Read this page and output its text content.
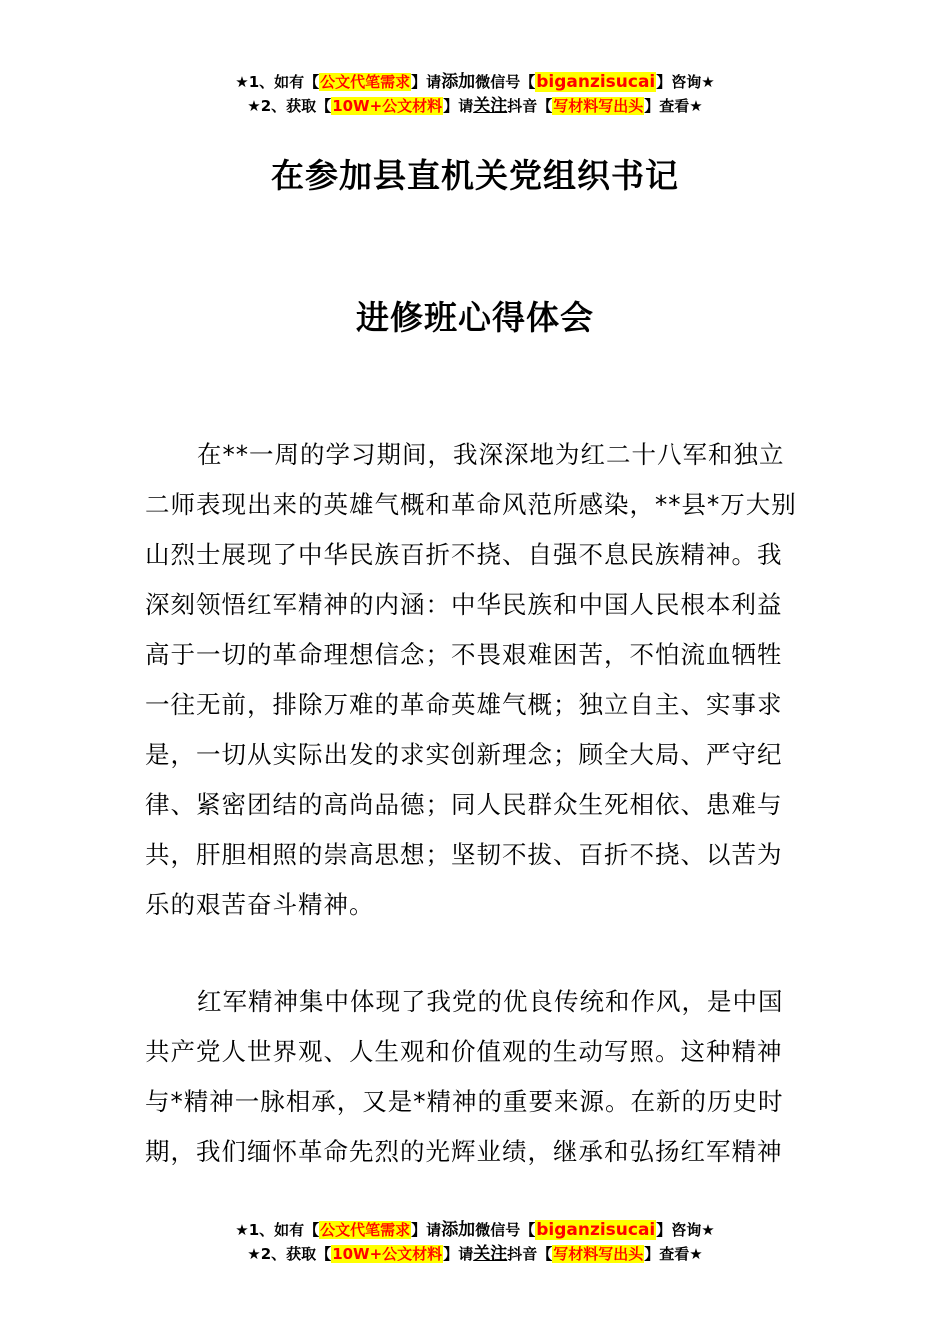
★1、如有【公文代笔需求】请添加微信号【biganzisucai】咨询★
★2、获取【10W+公文材料】请关注抖音【写材料写出头】查看★
在参加县直机关党组织书记
进修班心得体会
在**一周的学习期间，我深深地为红二十八军和独立
二师表现出来的英雄气概和革命风范所感染，**县*万大别
山烈士展现了中华民族百折不挠、自强不息民族精神。我
深刻领悟红军精神的内涵：中华民族和中国人民根本利益
高于一切的革命理想信念；不畏艰难困苦，不怕流血牺牲
一往无前，排除万难的革命英雄气概；独立自主、实事求
是，一切从实际出发的求实创新理念；顾全大局、严守纪
律、紧密团结的高尚品德；同人民群众生死相依、患难与
共，肝胆相照的崇高思想；坚韧不拔、百折不挠、以苦为
乐的艰苦奋斗精神。
红军精神集中体现了我党的优良传统和作风，是中国
共产党人世界观、人生观和价值观的生动写照。这种精神
与*精神一脉相承，又是*精神的重要来源。在新的历史时
期，我们缅怀革命先烈的光辉业绩，继承和弘扬红军精神
★1、如有【公文代笔需求】请添加微信号【biganzisucai】咨询★
★2、获取【10W+公文材料】请关注抖音【写材料写出头】查看★
